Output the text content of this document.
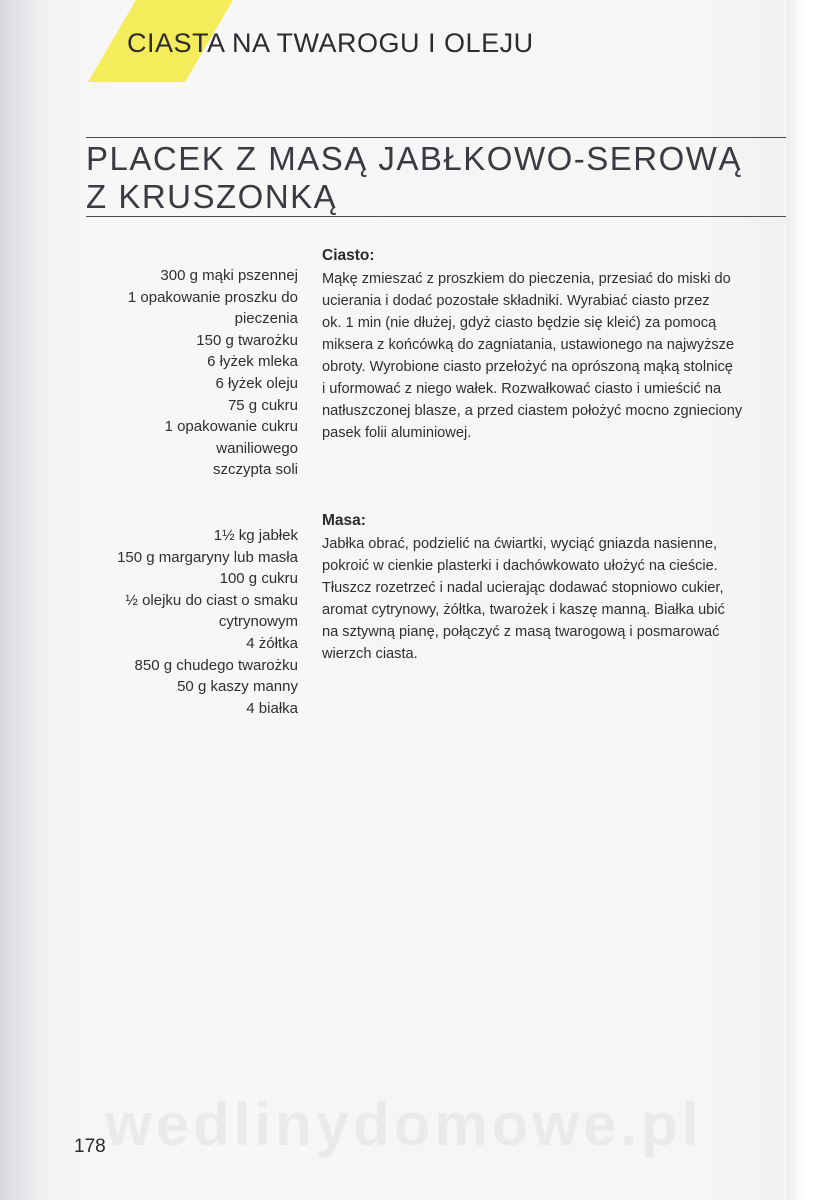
CIASTA NA TWAROGU I OLEJU
PLACEK Z MASĄ JABŁKOWO-SEROWĄ
Z KRUSZONKĄ
300 g mąki pszennej
1 opakowanie proszku do
pieczenia
150 g twarożku
6 łyżek mleka
6 łyżek oleju
75 g cukru
1 opakowanie cukru
waniliowego
szczypta soli
1½ kg jabłek
150 g margaryny lub masła
100 g cukru
½ olejku do ciast o smaku
cytrynowym
4 żółtka
850 g chudego twarożku
50 g kaszy manny
4 białka
Ciasto:
Mąkę zmieszać z proszkiem do pieczenia, przesiać do miski do
ucierania i dodać pozostałe składniki. Wyrabiać ciasto przez
ok. 1 min (nie dłużej, gdyż ciasto będzie się kleić) za pomocą
miksera z końcówką do zagniatania, ustawionego na najwyższe
obroty. Wyrobione ciasto przełożyć na oprószoną mąką stolnicę
i uformować z niego wałek. Rozwałkować ciasto i umieścić na
natłuszczonej blasze, a przed ciastem położyć mocno zgnieciony
pasek folii aluminiowej.
Masa:
Jabłka obrać, podzielić na ćwiartki, wyciąć gniazda nasienne,
pokroić w cienkie plasterki i dachówkowato ułożyć na cieście.
Tłuszcz rozetrzeć i nadal ucierając dodawać stopniowo cukier,
aromat cytrynowy, żółtka, twarożek i kaszę manną. Białka ubić
na sztywną pianę, połączyć z masą twarogową i posmarować
wierzch ciasta.
wedlinydomowe.pl
178
